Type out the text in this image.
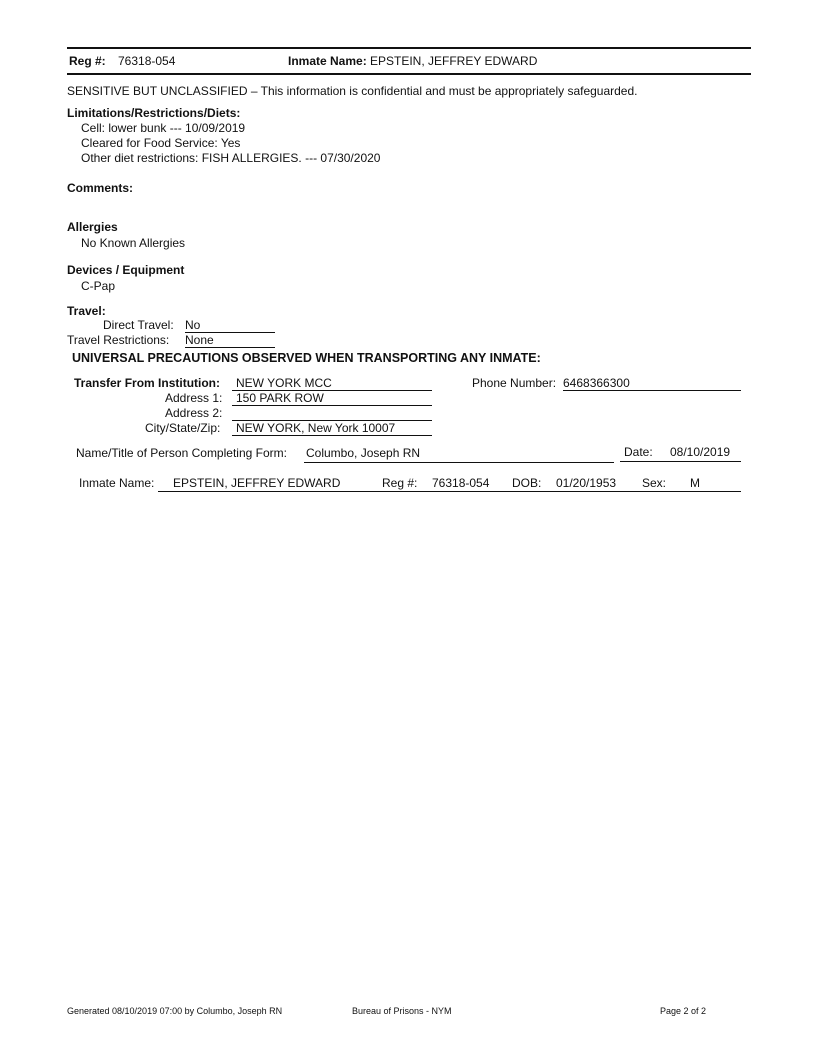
Reg #: 76318-054	Inmate Name: EPSTEIN, JEFFREY EDWARD
SENSITIVE BUT UNCLASSIFIED – This information is confidential and must be appropriately safeguarded.
Limitations/Restrictions/Diets:
Cell: lower bunk --- 10/09/2019
Cleared for Food Service: Yes
Other diet restrictions: FISH ALLERGIES. --- 07/30/2020
Comments:
Allergies
No Known Allergies
Devices / Equipment
C-Pap
Travel:
Direct Travel: No
Travel Restrictions: None
UNIVERSAL PRECAUTIONS OBSERVED WHEN TRANSPORTING ANY INMATE:
Transfer From Institution:	NEW YORK MCC	Phone Number: 6468366300
Address 1:	150 PARK ROW
Address 2:
City/State/Zip:	NEW YORK, New York 10007
Name/Title of Person Completing Form: Columbo, Joseph RN	Date: 08/10/2019
Inmate Name: EPSTEIN, JEFFREY EDWARD	Reg #: 76318-054 DOB: 01/20/1953 Sex: M
Generated 08/10/2019 07:00 by Columbo, Joseph RN	Bureau of Prisons - NYM	Page 2 of 2
